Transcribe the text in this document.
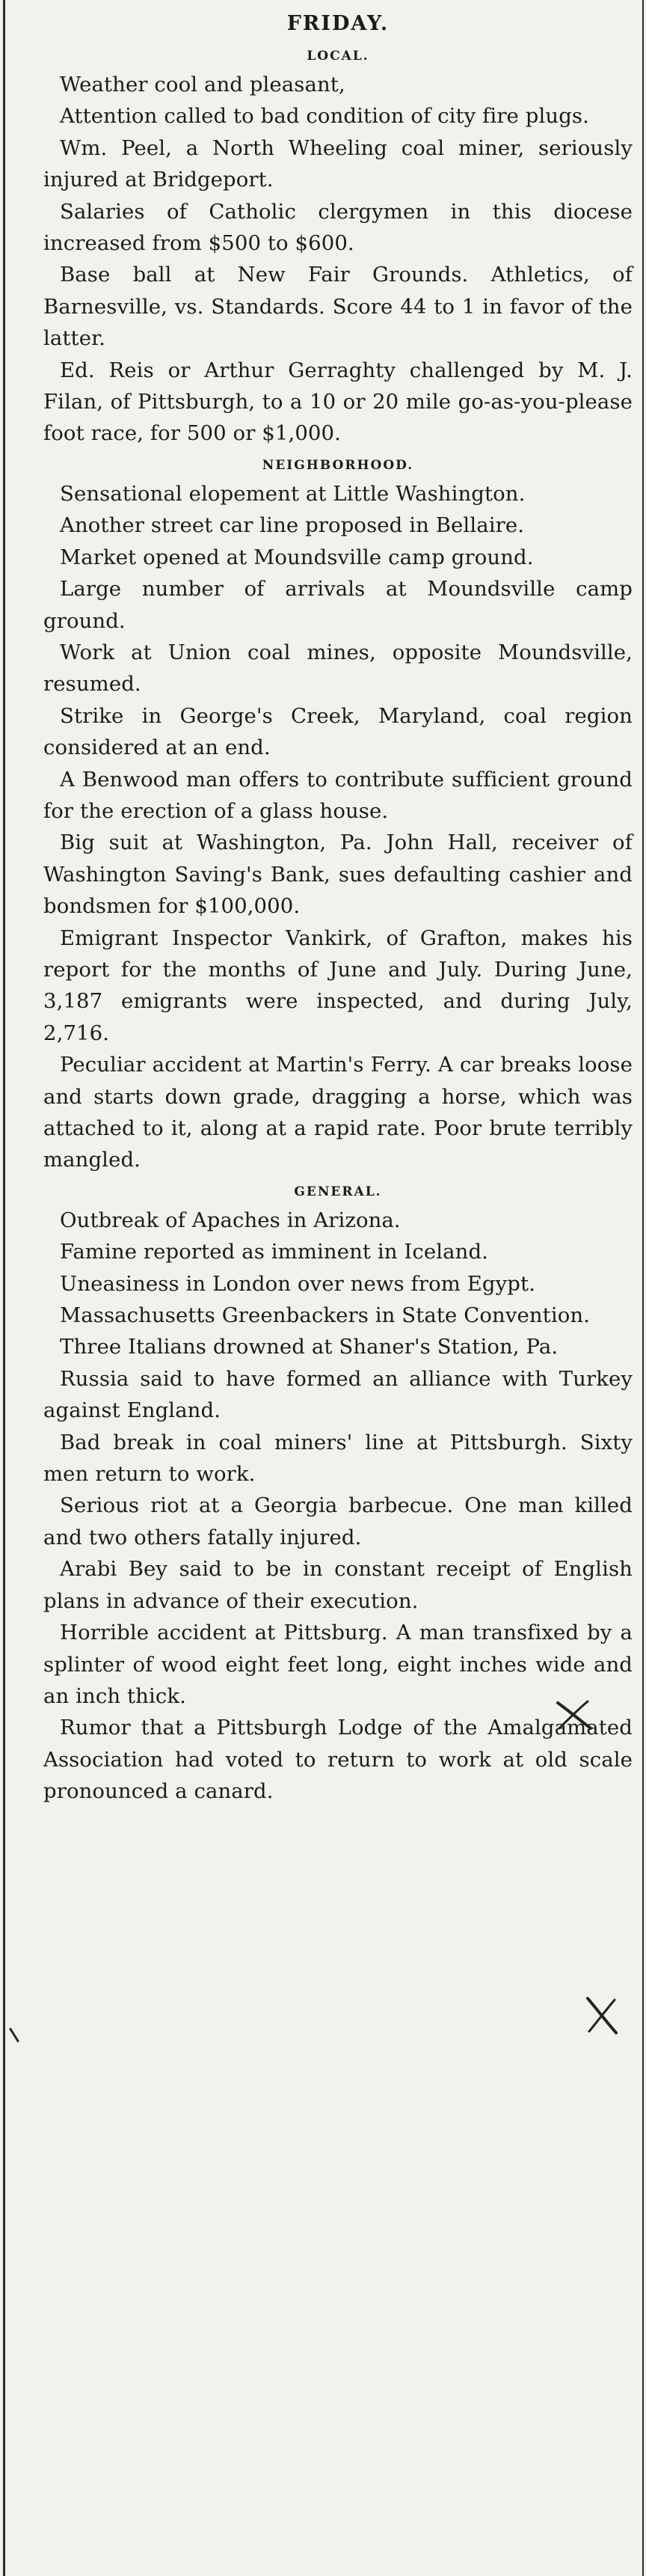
FRIDAY.
LOCAL.

Weather cool and pleasant,

Attention called to bad condition of city fire plugs.

Wm. Peel, a North Wheeling coal miner, seriously injured at Bridgeport.

Salaries of Catholic clergymen in this diocese increased from $500 to $600.

Base ball at New Fair Grounds. Athletics, of Barnesville, vs. Standards. Score 44 to 1 in favor of the latter.

Ed. Reis or Arthur Gerraghty challenged by M. J. Filan, of Pittsburgh, to a 10 or 20 mile go-as-you-please foot race, for 500 or $1,000.

NEIGHBORHOOD.

Sensational elopement at Little Washington.

Another street car line proposed in Bellaire.

Market opened at Moundsville camp ground.

Large number of arrivals at Moundsville camp ground.

Work at Union coal mines, opposite Moundsville, resumed.

Strike in George's Creek, Maryland, coal region considered at an end.

A Benwood man offers to contribute sufficient ground for the erection of a glass house.

Big suit at Washington, Pa. John Hall, receiver of Washington Saving's Bank, sues defaulting cashier and bondsmen for $100,000.

Emigrant Inspector Vankirk, of Grafton, makes his report for the months of June and July. During June, 3,187 emigrants were inspected, and during July, 2,716.

Peculiar accident at Martin's Ferry. A car breaks loose and starts down grade, dragging a horse, which was attached to it, along at a rapid rate. Poor brute terribly mangled.

GENERAL.

Outbreak of Apaches in Arizona.

Famine reported as imminent in Iceland.

Uneasiness in London over news from Egypt.

Massachusetts Greenbackers in State Convention.

Three Italians drowned at Shaner's Station, Pa.

Russia said to have formed an alliance with Turkey against England.

Bad break in coal miners' line at Pittsburgh. Sixty men return to work.

Serious riot at a Georgia barbecue. One man killed and two others fatally injured.

Arabi Bey said to be in constant receipt of English plans in advance of their execution.

Horrible accident at Pittsburg. A man transfixed by a splinter of wood eight feet long, eight inches wide and an inch thick.

Rumor that a Pittsburgh Lodge of the Amalgamated Association had voted to return to work at old scale pronounced a canard.
